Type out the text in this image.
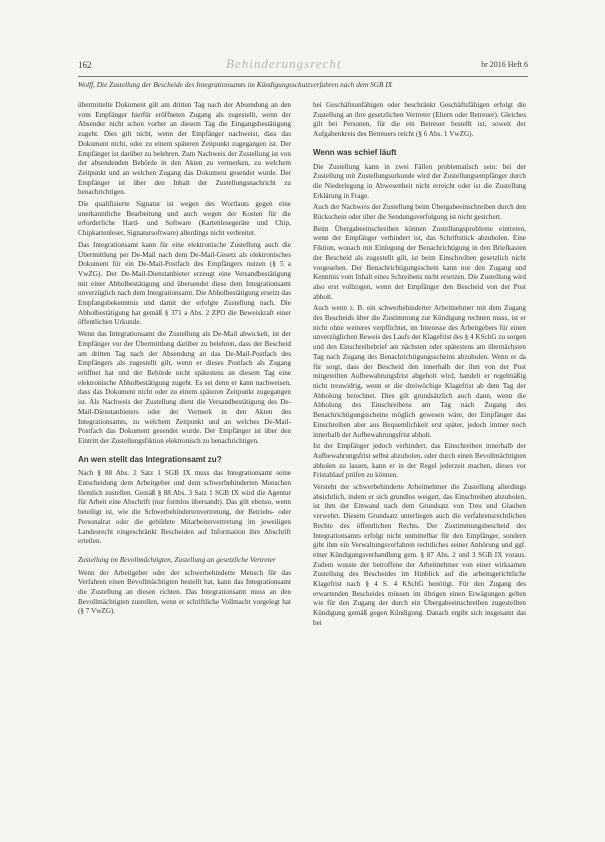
162	Behinderungsrecht	br 2016 Heft 6
Wolff, Die Zustellung der Bescheide des Integrationsamts im Kündigungsschutzverfahren nach dem SGB IX

übermittelte Dokument gilt am dritten Tag nach der Absendung an den vom Empfänger hierfür eröffneten Zugang als zugestellt, wenn der Absender nicht schon vorher an diesem Tag die Eingangsbestätigung zugeht. Dies gilt nicht, wenn der Empfänger nachweist, dass das Dokument nicht, oder zu einem späteren Zeitpunkt zugegangen ist. Der Empfänger ist darüber zu belehren. Zum Nachweis der Zustellung ist von der absendenden Behörde in den Akten zu vermerken, zu welchem Zeitpunkt und an welchen Zugang das Dokument gesendet wurde. Der Empfänger ist über den Inhalt der Zustellungsnachricht zu benachrichtigen.

Die qualifizierte Signatur ist wegen des Wortlauts gegen eine unerkanntliche Bearbeitung und auch wegen der Kosten für die erforderliche Hard- und Software (Kartenlesegeräte und Chip, Chipkartenleser, Signatursoftware) allerdings nicht verbreitet.

Das Integrationsamt kann für eine elektronische Zustellung auch die Übermittlung per De-Mail nach dem De-Mail-Gesetz als elektronisches Dokument für ein De-Mail-Postfach des Empfängers nutzen (§ 5 a VwZG). Der De-Mail-Dienstanbieter erzeugt eine Versandbestätigung mit einer Abholbestätigung und übersendet diese dem Integrationsamt unverzüglich nach dem Integrationsamt. Die Abholbestätigung ersetzt das Empfangsbekenntnis und damit der erfolgte Zustellung nach. Die Abholbestätigung hat gemäß § 371 a Abs. 2 ZPO die Beweiskraft einer öffentlichen Urkunde.

Wenn das Integrationsamt die Zustellung als De-Mail abwickelt, ist der Empfänger vor der Übermittlung darüber zu belehren, dass der Bescheid am dritten Tag nach der Absendung an das De-Mail-Postfach des Empfängers als zugestellt gilt, wenn er dieses Postfach als Zugang eröffnet hat und der Behörde nicht spätestens an diesem Tag eine elektronische Abholbestätigung zugeht. Es sei denn er kann nachweisen, dass das Dokument nicht oder zu einem späteren Zeitpunkt zugegangen ist. Als Nachweis der Zustellung dient die Versandbestätigung des De-Mail-Dienstanbieters oder der Vermerk in den Akten des Integrationsamts, zu welchem Zeitpunkt und an welches De-Mail-Postfach das Dokument gesendet wurde. Der Empfänger ist über den Eintritt der Zustellungsfiktion elektronisch zu benachrichtigen.

An wen stellt das Integrationsamt zu?

Nach § 88 Abs. 2 Satz 1 SGB IX muss das Integrationsamt seine Entscheidung dem Arbeitgeber und dem schwerbehinderten Menschen förmlich zustellen. Gemäß § 88 Abs. 3 Satz 1 SGB IX wird die Agentur für Arbeit eine Abschrift (nur formlos übersandt). Das gilt ebenso, wenn beteiligt ist, wie die Schwerbehindertenvertretung, der Betriebs- oder Personalrat oder die gebildete Mitarbeitervertretung im jeweiligen Landesrecht eingeschränkt Bescheiden auf Information ihre Abschrift erteilen.

Zustellung im Bevollmächtigten, Zustellung an gesetzliche Vertreter

Wenn der Arbeitgeber oder der schwerbehinderte Mensch für das Verfahren einen Bevollmächtigten bestellt hat, kann das Integrationsamt die Zustellung an diesen richten. Das Integrationsamt muss an den Bevollmächtigten zustellen, wenn er schriftliche Vollmacht vorgelegt hat (§ 7 VwZG).

bei Geschäftsunfähigen oder beschränkt Geschäftsfähigen erfolgt die Zustellung an ihre gesetzlichen Vertreter (Eltern oder Betreuer). Gleiches gilt bei Personen, für die ein Betreuer bestellt ist, soweit der Aufgabenkreis des Betreuers reicht (§ 6 Abs. 1 VwZG).

Wenn was schief läuft

Die Zustellung kann in zwei Fällen problematisch sein: bei der Zustellung mit Zustellungsurkunde wird der Zustellungsempfänger durch die Niederlegung in Abwesenheit nicht erreicht oder ist die Zustellung Erklärung in Frage.

Auch der Nachweis der Zustellung beim Übergabeeinschreiben durch den Rückschein oder über die Sendungsverfolgung ist nicht gesichert.

Beim Übergabeeinschreiben können Zustellungsprobleme eintreten, wenn der Empfänger verhindert ist, das Schriftstück abzuholen. Eine Fiktion, wonach mit Einlegung der Benachrichtigung in den Briefkasten der Bescheid als zugestellt gilt, ist beim Einschreiben gesetzlich nicht vorgesehen. Der Benachrichtigungsschein kann nur den Zugang und Kenntnis vom Inhalt eines Schreibens nicht ersetzen. Die Zustellung wird also erst vollzogen, wenn der Empfänger den Bescheid von der Post abholt.

Auch wenn z. B. ein schwerbehinderter Arbeitnehmer mit dem Zugang des Bescheids über die Zustimmung zur Kündigung rechnen muss, ist er nicht ohne weiteres verpflichtet, im Interesse des Arbeitgebers für einen unverzüglichen Beweis des Laufs der Klagefrist des § 4 KSchG zu sorgen und den Einschreibebrief am nächsten oder spätestens am übernächsten Tag nach Zugang des Benachrichtigungsscheins abzuholen. Wenn er da für sorgt, dass der Bescheid den innerhalb der ihm von der Post mitgeteilten Aufbewahrungsfrist abgeholt wird, handelt er regelmäßig nicht treuwidrig, wenn er die dreiwöchige Klagefrist ab dem Tag der Abholung berechnet. Dies gilt grundsätzlich auch dann, wenn die Abholung des Einschreibens am Tag nach Zugang des Benachrichtigungsscheins möglich gewesen wäre, der Empfänger das Einschreiben aber aus Bequemlichkeit erst später, jedoch immer noch innerhalb der Aufbewahrungsfrist abholt.

Ist der Empfänger jedoch verhindert, das Einschreiben innerhalb der Aufbewahrungsfrist selbst abzuholen, oder durch einen Bevollmächtigten abholen zu lassen, kann er in der Regel jederzeit machen, dieses vor Fristablauf prüfen zu können.

Versteht der schwerbehinderte Arbeitnehmer die Zustellung allerdings absichtlich, indem er sich grundlos weigert, das Einschreiben abzuholen, ist ihm der Einwand nach dem Grundsatz von Treu und Glauben verwehrt. Diesem Grundsatz unterliegen auch die verfahrensrechtlichen Rechte des öffentlichen Rechts. Der Zustimmungsbescheid des Integrationsamts erfolgt nicht unmittelbar für den Empfänger, sondern gibt ihm ein Verwaltungsverfahren rechtliches seiner Anhörung und ggf. einer Kündigungsverhandlung gem. § 87 Abs. 2 und 3 SGB IX voraus. Zudem wusste der betroffene der Arbeitnehmer von einer wirksamen Zustellung des Bescheides im Hinblick auf die arbeitsgerichtliche Klagefrist nach § 4 S. 4 KSchG benötigt. Für den Zugang des erwartenden Bescheides müssen im übrigen einen Erwägungen gelten wie für den Zugang der durch ein Übergabeeinschreiben zugestellten Kündigung gemäß gegen Kündigung. Danach ergibt sich insgesamt das bei
